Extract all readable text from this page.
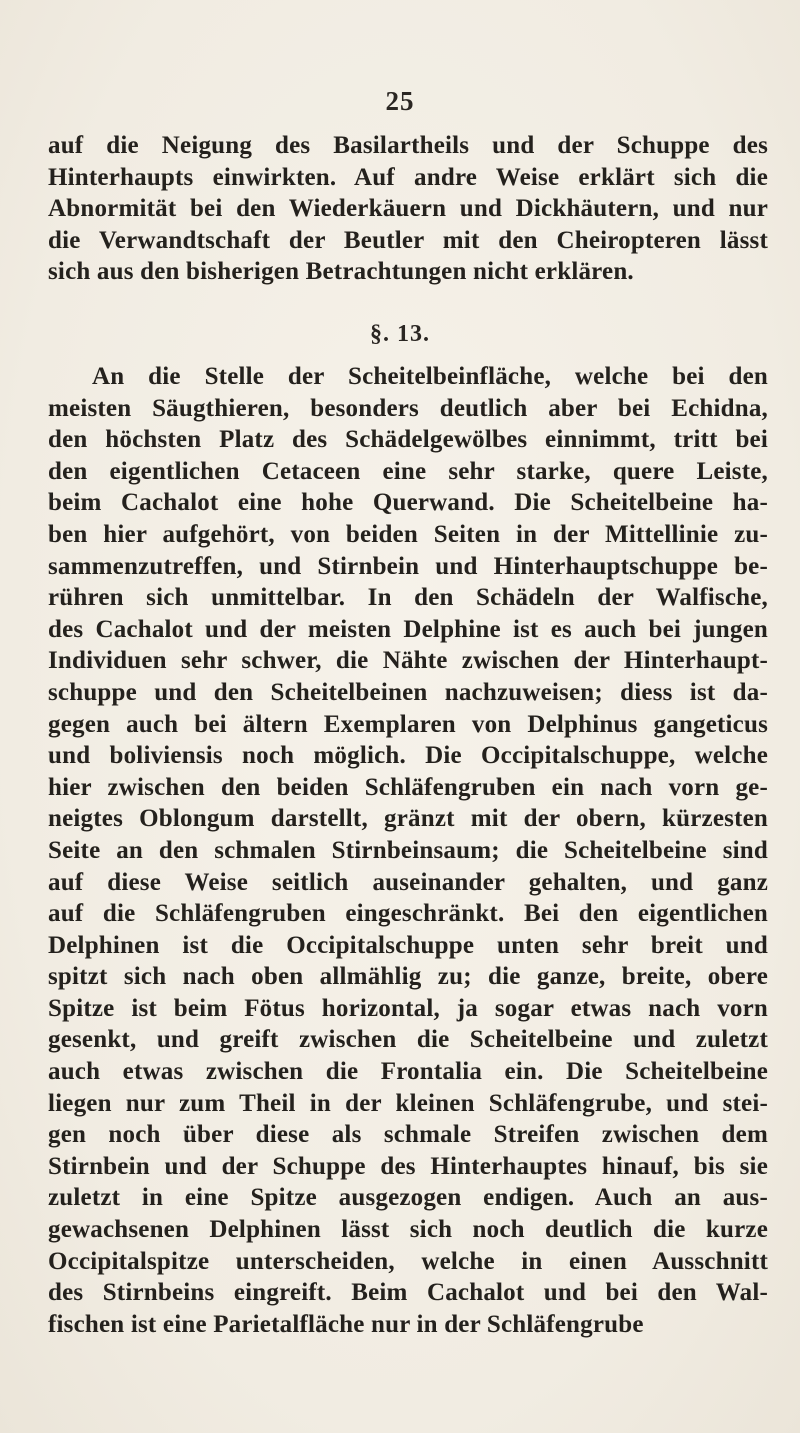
25
auf die Neigung des Basilartheils und der Schuppe des
Hinterhaupts einwirkten. Auf andre Weise erklärt sich die
Abnormität bei den Wiederkäuern und Dickhäutern, und nur
die Verwandtschaft der Beutler mit den Cheiropteren lässt
sich aus den bisherigen Betrachtungen nicht erklären.
§. 13.
An die Stelle der Scheitelbeinfläche, welche bei den
meisten Säugthieren, besonders deutlich aber bei Echidna,
den höchsten Platz des Schädelgewölbes einnimmt, tritt bei
den eigentlichen Cetaceen eine sehr starke, quere Leiste,
beim Cachalot eine hohe Querwand. Die Scheitelbeine ha-
ben hier aufgehört, von beiden Seiten in der Mittellinie zu-
sammenzutreffen, und Stirnbein und Hinterhauptschuppe be-
rühren sich unmittelbar. In den Schädeln der Walfische,
des Cachalot und der meisten Delphine ist es auch bei jungen
Individuen sehr schwer, die Nähte zwischen der Hinterhaupt-
schuppe und den Scheitelbeinen nachzuweisen; diess ist da-
gegen auch bei ältern Exemplaren von Delphinus gangeticus
und boliviensis noch möglich. Die Occipitalschuppe, welche
hier zwischen den beiden Schläfengruben ein nach vorn ge-
neigtes Oblongum darstellt, gränzt mit der obern, kürzesten
Seite an den schmalen Stirnbeinsaum; die Scheitelbeine sind
auf diese Weise seitlich auseinander gehalten, und ganz
auf die Schläfengruben eingeschränkt. Bei den eigentlichen
Delphinen ist die Occipitalschuppe unten sehr breit und
spitzt sich nach oben allmählig zu; die ganze, breite, obere
Spitze ist beim Fötus horizontal, ja sogar etwas nach vorn
gesenkt, und greift zwischen die Scheitelbeine und zuletzt
auch etwas zwischen die Frontalia ein. Die Scheitelbeine
liegen nur zum Theil in der kleinen Schläfengrube, und stei-
gen noch über diese als schmale Streifen zwischen dem
Stirnbein und der Schuppe des Hinterhauptes hinauf, bis sie
zuletzt in eine Spitze ausgezogen endigen. Auch an aus-
gewachsenen Delphinen lässt sich noch deutlich die kurze
Occipitalspitze unterscheiden, welche in einen Ausschnitt
des Stirnbeins eingreift. Beim Cachalot und bei den Wal-
fischen ist eine Parietalfläche nur in der Schläfengrube
